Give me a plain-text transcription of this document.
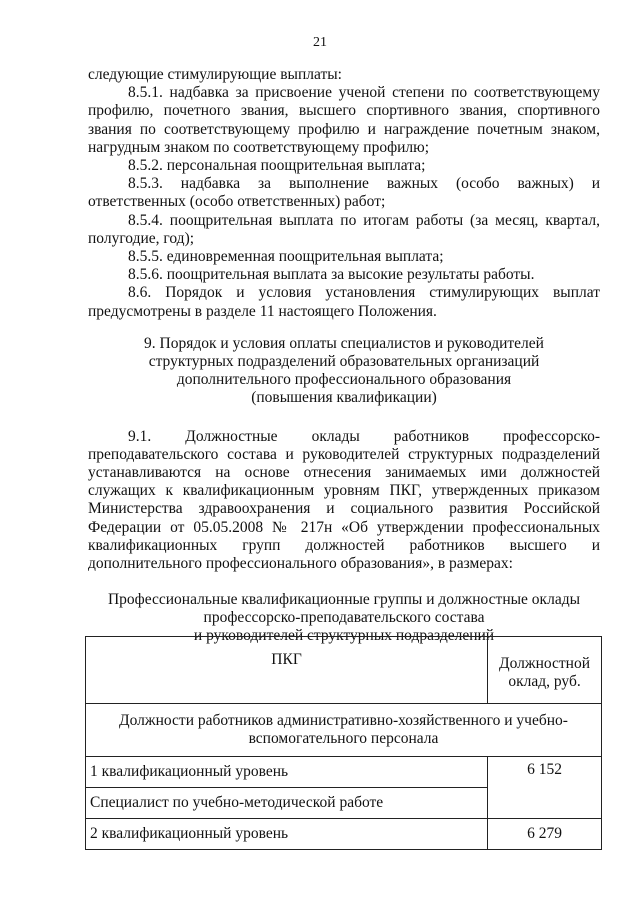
21

следующие стимулирующие выплаты:

8.5.1. надбавка за присвоение ученой степени по соответствующему профилю, почетного звания, высшего спортивного звания, спортивного звания по соответствующему профилю и награждение почетным знаком, нагрудным знаком по соответствующему профилю;

8.5.2. персональная поощрительная выплата;

8.5.3. надбавка за выполнение важных (особо важных) и ответственных (особо ответственных) работ;

8.5.4. поощрительная выплата по итогам работы (за месяц, квартал, полугодие, год);

8.5.5. единовременная поощрительная выплата;

8.5.6. поощрительная выплата за высокие результаты работы.

8.6. Порядок и условия установления стимулирующих выплат предусмотрены в разделе 11 настоящего Положения.

9. Порядок и условия оплаты специалистов и руководителей
структурных подразделений образовательных организаций
дополнительного профессионального образования
(повышения квалификации)

9.1. Должностные оклады работников профессорско-преподавательского состава и руководителей структурных подразделений устанавливаются на основе отнесения занимаемых ими должностей служащих к квалификационным уровням ПКГ, утвержденных приказом Министерства здравоохранения и социального развития Российской Федерации от 05.05.2008 № 217н «Об утверждении профессиональных квалификационных групп должностей работников высшего и дополнительного профессионального образования», в размерах:

Профессиональные квалификационные группы и должностные оклады
профессорско-преподавательского состава
и руководителей структурных подразделений
ПКГ	Должностной оклад, руб.
Должности работников административно-хозяйственного и учебно-вспомогательного персонала	
1 квалификационный уровень	6 152
Специалист по учебно-методической работе	
2 квалификационный уровень	6 279
